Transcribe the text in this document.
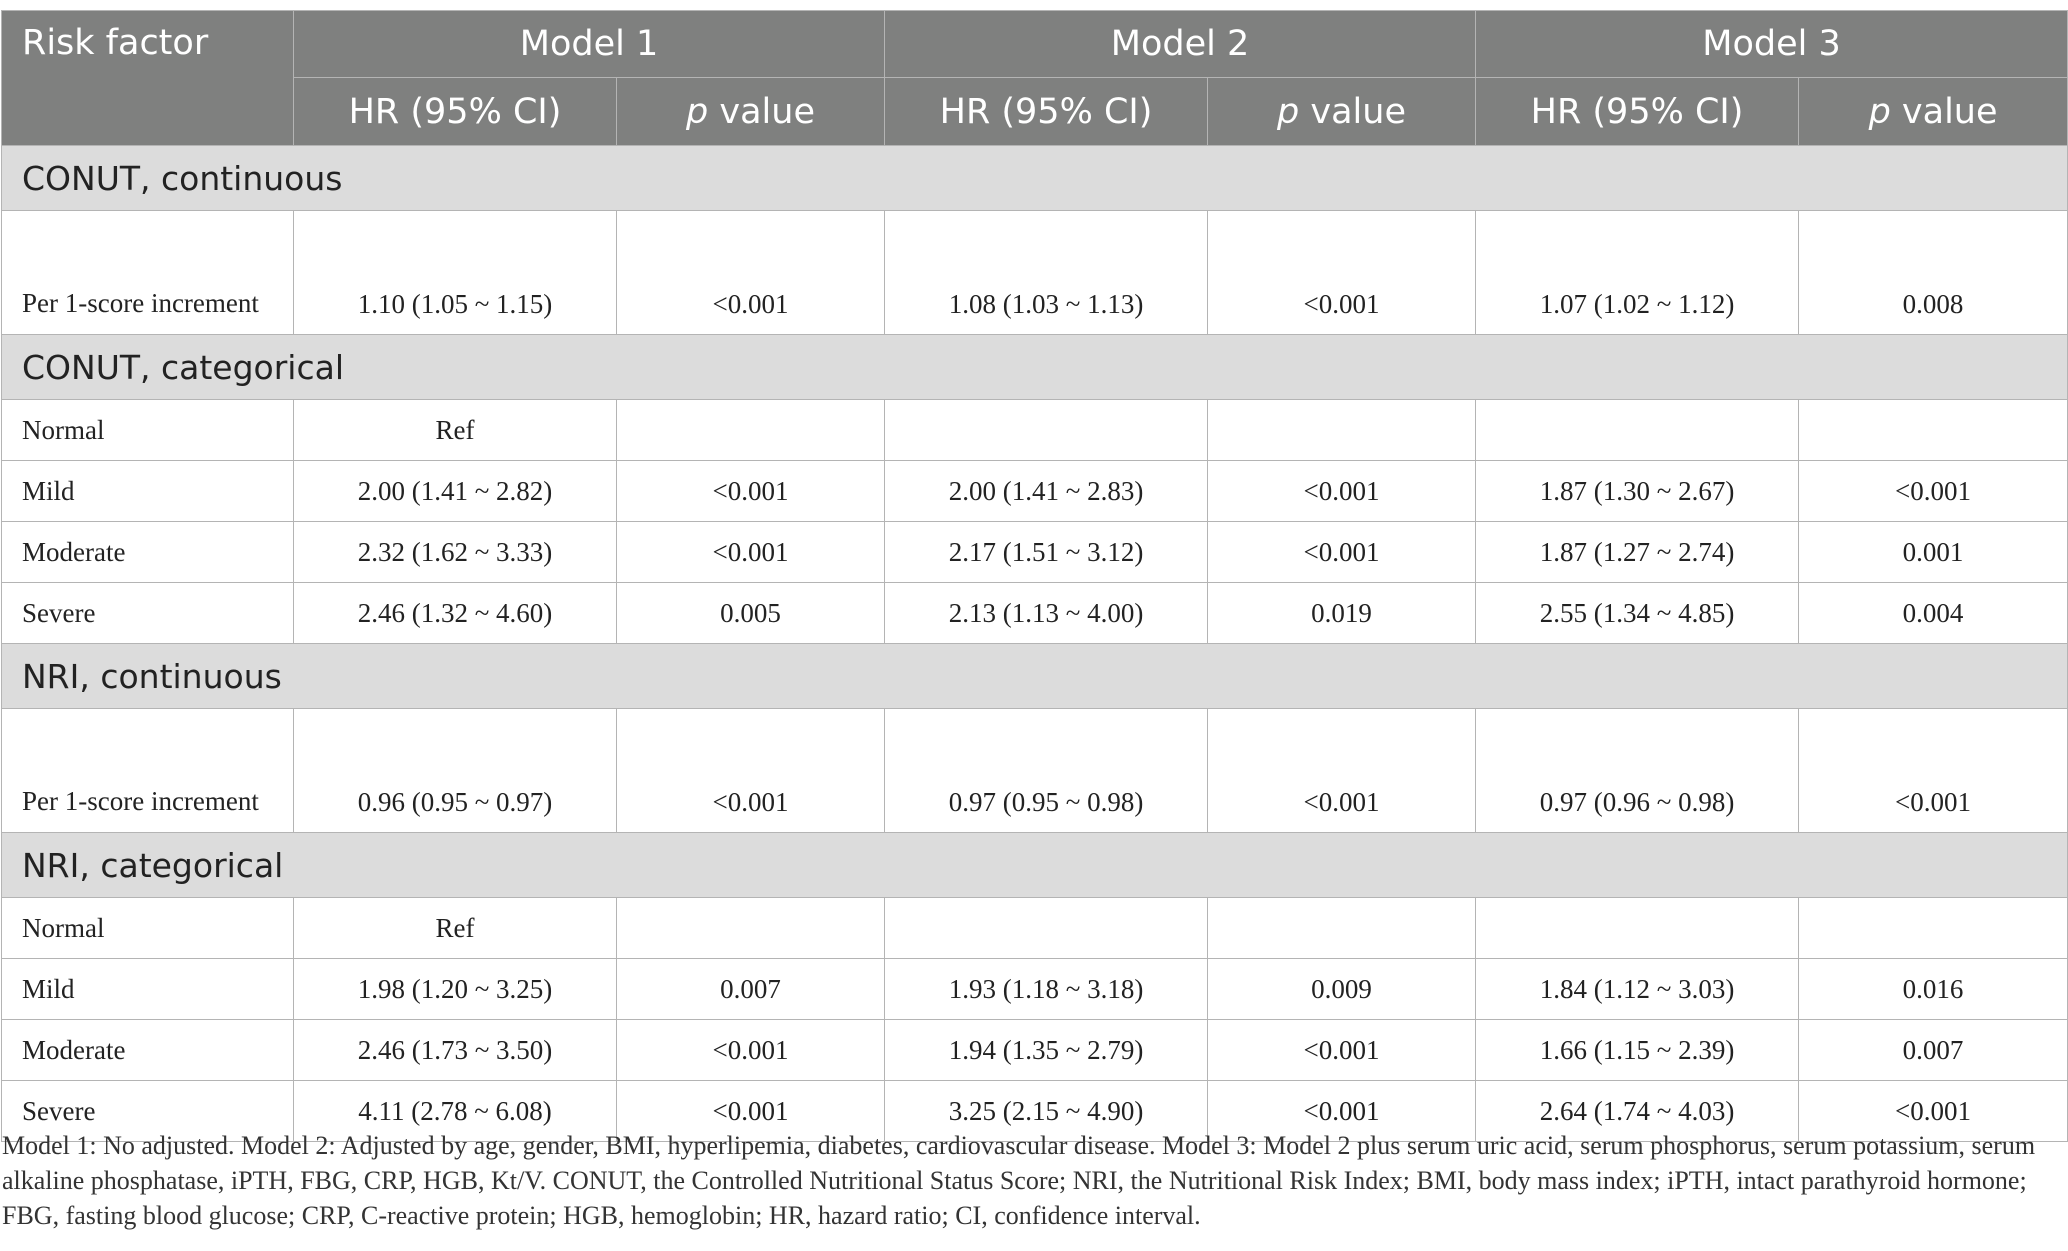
Risk factor	Model 1		Model 2		Model 3	
	HR (95% CI)	p value	HR (95% CI)	p value	HR (95% CI)	p value
CONUT, continuous						
Per 1-score increment	1.10 (1.05 ~ 1.15)	<0.001	1.08 (1.03 ~ 1.13)	<0.001	1.07 (1.02 ~ 1.12)	0.008
CONUT, categorical						
Normal	Ref					
Mild	2.00 (1.41 ~ 2.82)	<0.001	2.00 (1.41 ~ 2.83)	<0.001	1.87 (1.30 ~ 2.67)	<0.001
Moderate	2.32 (1.62 ~ 3.33)	<0.001	2.17 (1.51 ~ 3.12)	<0.001	1.87 (1.27 ~ 2.74)	0.001
Severe	2.46 (1.32 ~ 4.60)	0.005	2.13 (1.13 ~ 4.00)	0.019	2.55 (1.34 ~ 4.85)	0.004
NRI, continuous						
Per 1-score increment	0.96 (0.95 ~ 0.97)	<0.001	0.97 (0.95 ~ 0.98)	<0.001	0.97 (0.96 ~ 0.98)	<0.001
NRI, categorical						
Normal	Ref					
Mild	1.98 (1.20 ~ 3.25)	0.007	1.93 (1.18 ~ 3.18)	0.009	1.84 (1.12 ~ 3.03)	0.016
Moderate	2.46 (1.73 ~ 3.50)	<0.001	1.94 (1.35 ~ 2.79)	<0.001	1.66 (1.15 ~ 2.39)	0.007
Severe	4.11 (2.78 ~ 6.08)	<0.001	3.25 (2.15 ~ 4.90)	<0.001	2.64 (1.74 ~ 4.03)	<0.001
Model 1: No adjusted. Model 2: Adjusted by age, gender, BMI, hyperlipemia, diabetes, cardiovascular disease. Model 3: Model 2 plus serum uric acid, serum phosphorus, serum potassium, serum alkaline phosphatase, iPTH, FBG, CRP, HGB, Kt/V. CONUT, the Controlled Nutritional Status Score; NRI, the Nutritional Risk Index; BMI, body mass index; iPTH, intact parathyroid hormone; FBG, fasting blood glucose; CRP, C-reactive protein; HGB, hemoglobin; HR, hazard ratio; CI, confidence interval.
